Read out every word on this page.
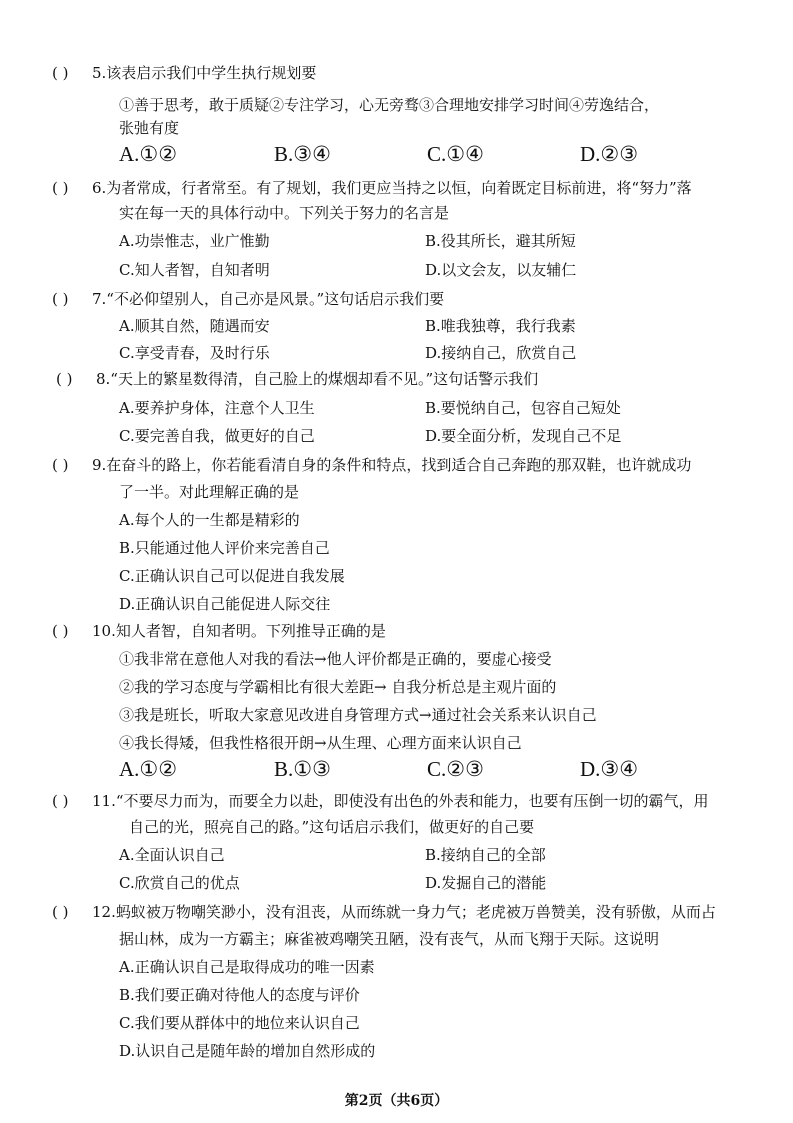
( ) 5.该表启示我们中学生执行规划要
①善于思考，敢于质疑②专注学习，心无旁骛③合理地安排学习时间④劳逸结合，
张弛有度
A.①②	B.③④	C.①④	D.②③
( ) 6.为者常成，行者常至。有了规划，我们更应当持之以恒，向着既定目标前进，将“努力”落
实在每一天的具体行动中。下列关于努力的名言是
A.功崇惟志，业广惟勤	B.役其所长，避其所短
C.知人者智，自知者明	D.以文会友，以友辅仁
( ) 7.“不必仰望别人，自己亦是风景。”这句话启示我们要
A.顺其自然，随遇而安	B.唯我独尊，我行我素
C.享受青春，及时行乐	D.接纳自己，欣赏自己
( ) 8.“天上的繁星数得清，自己脸上的煤烟却看不见。”这句话警示我们
A.要养护身体，注意个人卫生	B.要悦纳自己，包容自己短处
C.要完善自我，做更好的自己	D.要全面分析，发现自己不足
( ) 9.在奋斗的路上，你若能看清自身的条件和特点，找到适合自己奔跑的那双鞋，也许就成功
了一半。对此理解正确的是
A.每个人的一生都是精彩的
B.只能通过他人评价来完善自己
C.正确认识自己可以促进自我发展
D.正确认识自己能促进人际交往
( ) 10.知人者智，自知者明。下列推导正确的是
①我非常在意他人对我的看法→他人评价都是正确的，要虚心接受
②我的学习态度与学霸相比有很大差距→ 自我分析总是主观片面的
③我是班长，听取大家意见改进自身管理方式→通过社会关系来认识自己
④我长得矮，但我性格很开朗→从生理、心理方面来认识自己
A.①②	B.①③	C.②③	D.③④
( ) 11.“不要尽力而为，而要全力以赴，即使没有出色的外表和能力，也要有压倒一切的霸气，用
自己的光，照亮自己的路。”这句话启示我们，做更好的自己要
A.全面认识自己	B.接纳自己的全部
C.欣赏自己的优点	D.发掘自己的潜能
( ) 12.蚂蚁被万物嘲笑渺小，没有沮丧，从而练就一身力气；老虎被万兽赞美，没有骄傲，从而占
据山林，成为一方霸主；麻雀被鸡嘲笑丑陋，没有丧气，从而飞翔于天际。这说明
A.正确认识自己是取得成功的唯一因素
B.我们要正确对待他人的态度与评价
C.我们要从群体中的地位来认识自己
D.认识自己是随年龄的增加自然形成的
第2页（共6页）
